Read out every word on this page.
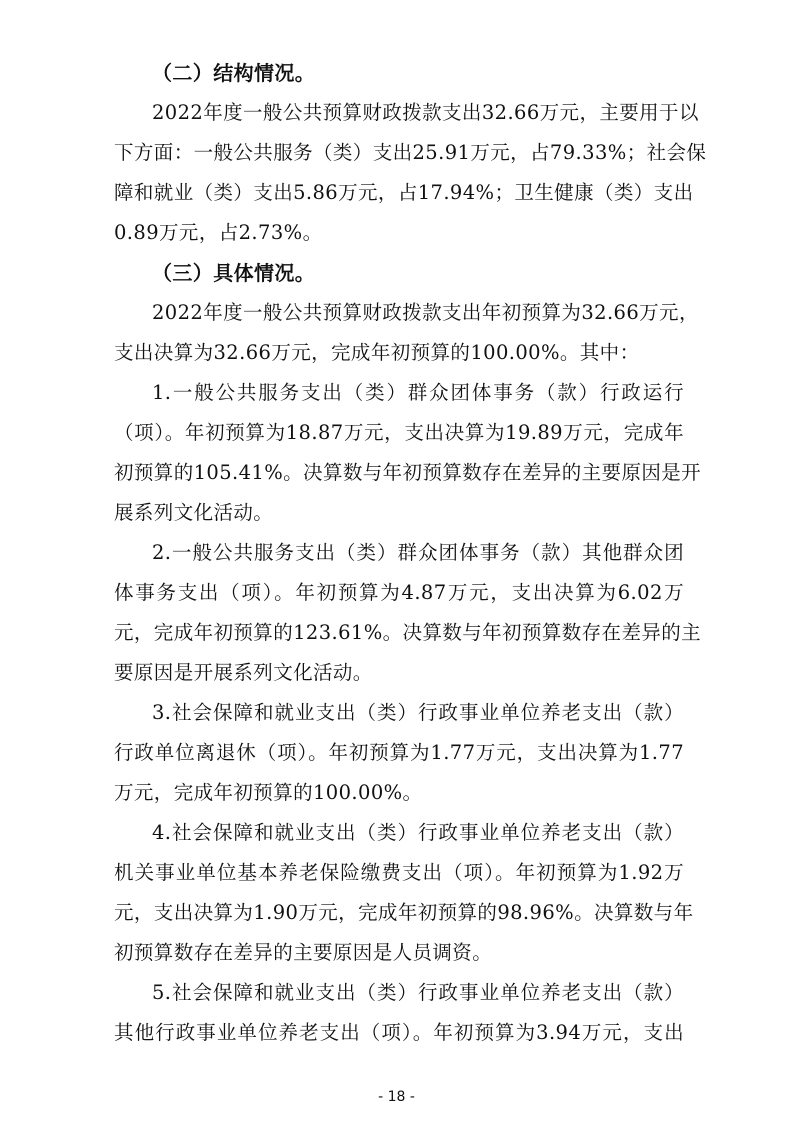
（二）结构情况。
2022年度一般公共预算财政拨款支出32.66万元，主要用于以
下方面：一般公共服务（类）支出25.91万元，占79.33%；社会保
障和就业（类）支出5.86万元，占17.94%；卫生健康（类）支出
0.89万元，占2.73%。
（三）具体情况。
2022年度一般公共预算财政拨款支出年初预算为32.66万元，
支出决算为32.66万元，完成年初预算的100.00%。其中：
1.一般公共服务支出（类）群众团体事务（款）行政运行
（项）。年初预算为18.87万元，支出决算为19.89万元，完成年
初预算的105.41%。决算数与年初预算数存在差异的主要原因是开
展系列文化活动。
2.一般公共服务支出（类）群众团体事务（款）其他群众团
体事务支出（项）。年初预算为4.87万元，支出决算为6.02万
元，完成年初预算的123.61%。决算数与年初预算数存在差异的主
要原因是开展系列文化活动。
3.社会保障和就业支出（类）行政事业单位养老支出（款）
行政单位离退休（项）。年初预算为1.77万元，支出决算为1.77
万元，完成年初预算的100.00%。
4.社会保障和就业支出（类）行政事业单位养老支出（款）
机关事业单位基本养老保险缴费支出（项）。年初预算为1.92万
元，支出决算为1.90万元，完成年初预算的98.96%。决算数与年
初预算数存在差异的主要原因是人员调资。
5.社会保障和就业支出（类）行政事业单位养老支出（款）
其他行政事业单位养老支出（项）。年初预算为3.94万元，支出
- 18 -
